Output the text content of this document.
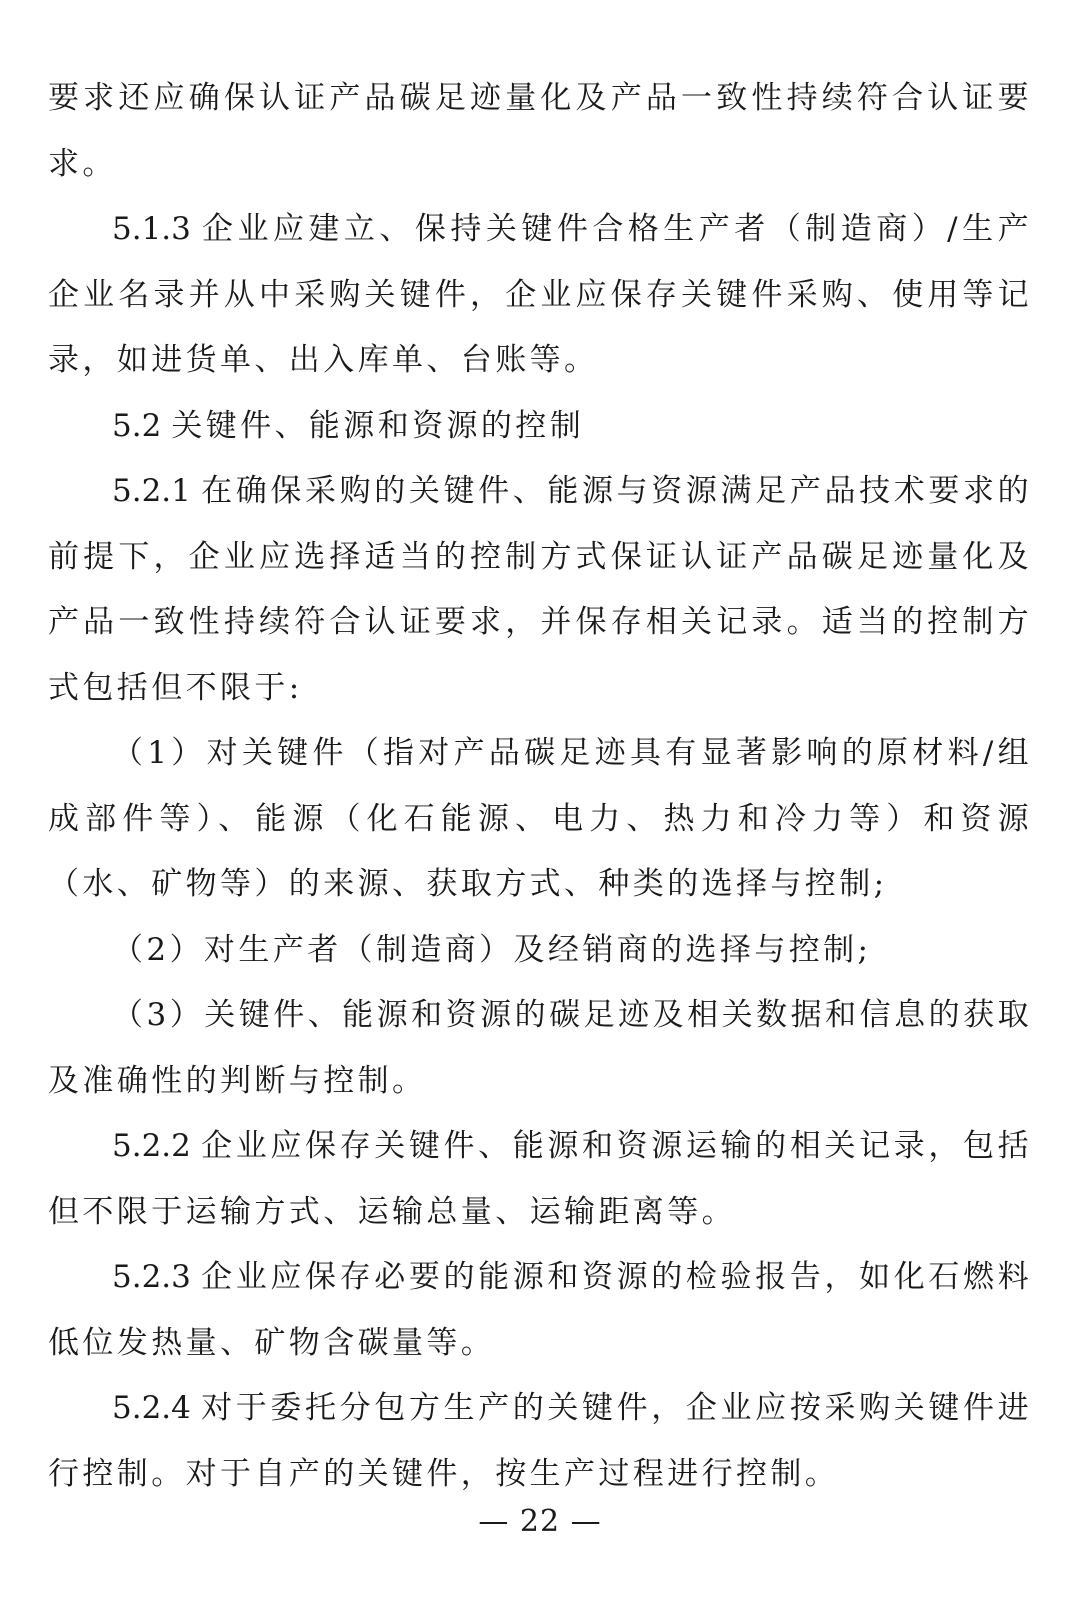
要求还应确保认证产品碳足迹量化及产品一致性持续符合认证要求。

5.1.3 企业应建立、保持关键件合格生产者（制造商）/生产企业名录并从中采购关键件，企业应保存关键件采购、使用等记录，如进货单、出入库单、台账等。

5.2 关键件、能源和资源的控制

5.2.1 在确保采购的关键件、能源与资源满足产品技术要求的前提下，企业应选择适当的控制方式保证认证产品碳足迹量化及产品一致性持续符合认证要求，并保存相关记录。适当的控制方式包括但不限于:

（1）对关键件（指对产品碳足迹具有显著影响的原材料/组成部件等）、能源（化石能源、电力、热力和冷力等）和资源（水、矿物等）的来源、获取方式、种类的选择与控制;

（2）对生产者（制造商）及经销商的选择与控制;

（3）关键件、能源和资源的碳足迹及相关数据和信息的获取及准确性的判断与控制。

5.2.2 企业应保存关键件、能源和资源运输的相关记录，包括但不限于运输方式、运输总量、运输距离等。

5.2.3 企业应保存必要的能源和资源的检验报告，如化石燃料低位发热量、矿物含碳量等。

5.2.4 对于委托分包方生产的关键件，企业应按采购关键件进行控制。对于自产的关键件，按生产过程进行控制。

— 22 —
